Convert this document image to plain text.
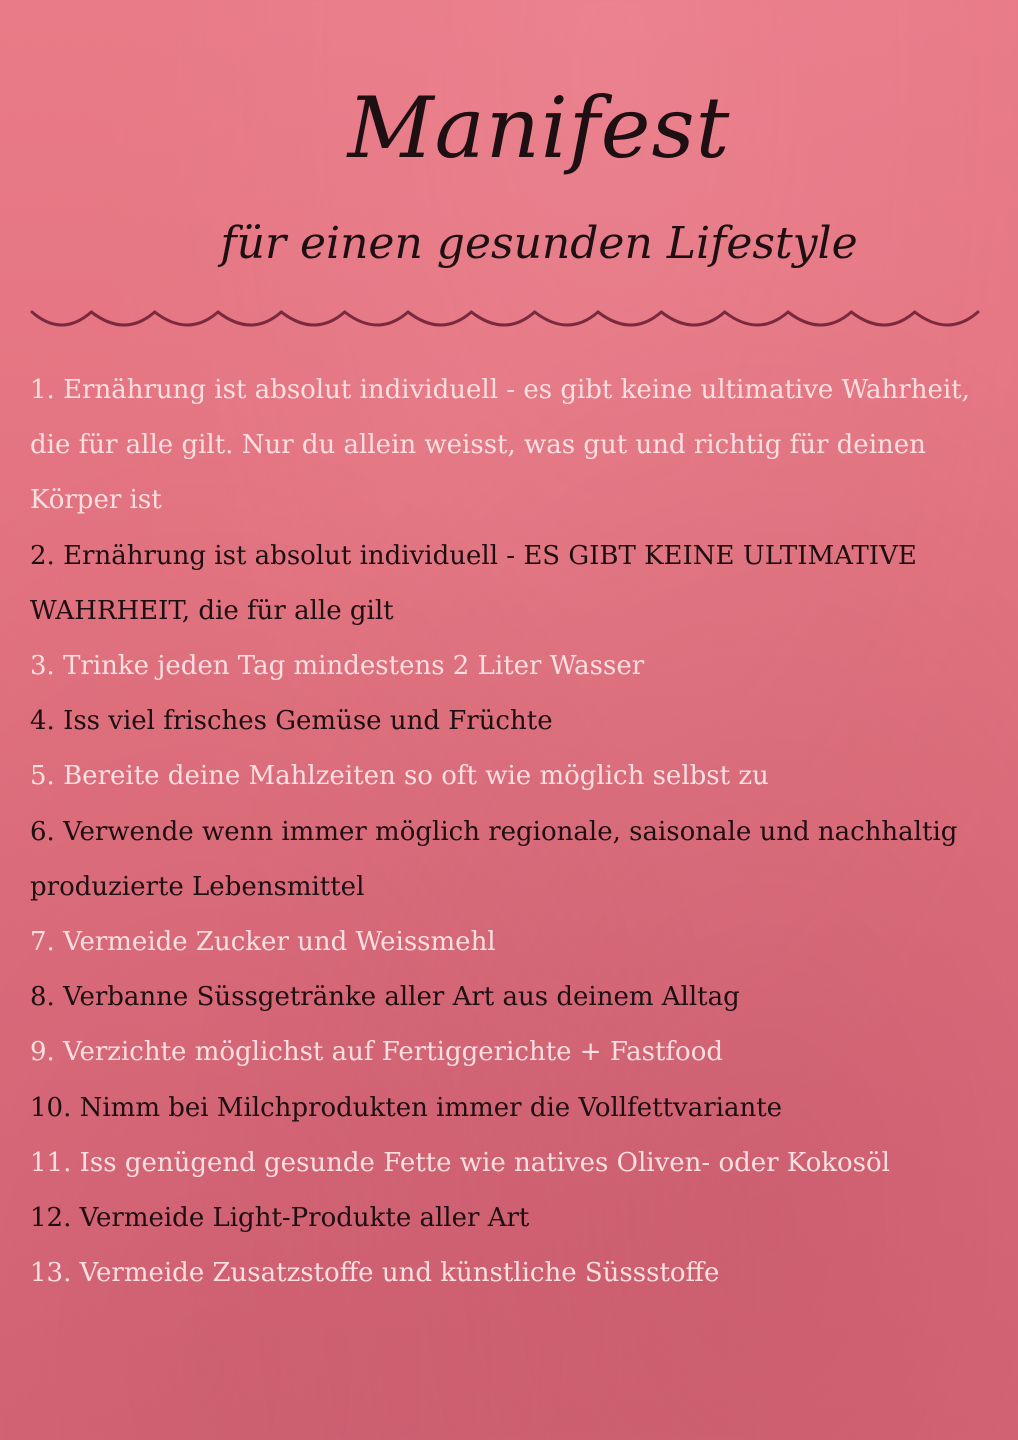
Manifest
für einen gesunden Lifestyle
1. Ernährung ist absolut individuell - es gibt keine ultimative Wahrheit, die für alle gilt. Nur du allein weisst, was gut und richtig für deinen Körper ist
2. Ernährung ist absolut individuell - ES GIBT KEINE ULTIMATIVE WAHRHEIT, die für alle gilt
3. Trinke jeden Tag mindestens 2 Liter Wasser
4. Iss viel frisches Gemüse und Früchte
5. Bereite deine Mahlzeiten so oft wie möglich selbst zu
6. Verwende wenn immer möglich regionale, saisonale und nachhaltig produzierte Lebensmittel
7. Vermeide Zucker und Weissmehl
8. Verbanne Süssgetränke aller Art aus deinem Alltag
9. Verzichte möglichst auf Fertiggerichte + Fastfood
10. Nimm bei Milchprodukten immer die Vollfettvariante
11. Iss genügend gesunde Fette wie natives Oliven- oder Kokosöl
12. Vermeide Light-Produkte aller Art
13. Vermeide Zusatzstoffe und künstliche Süssstoffe
